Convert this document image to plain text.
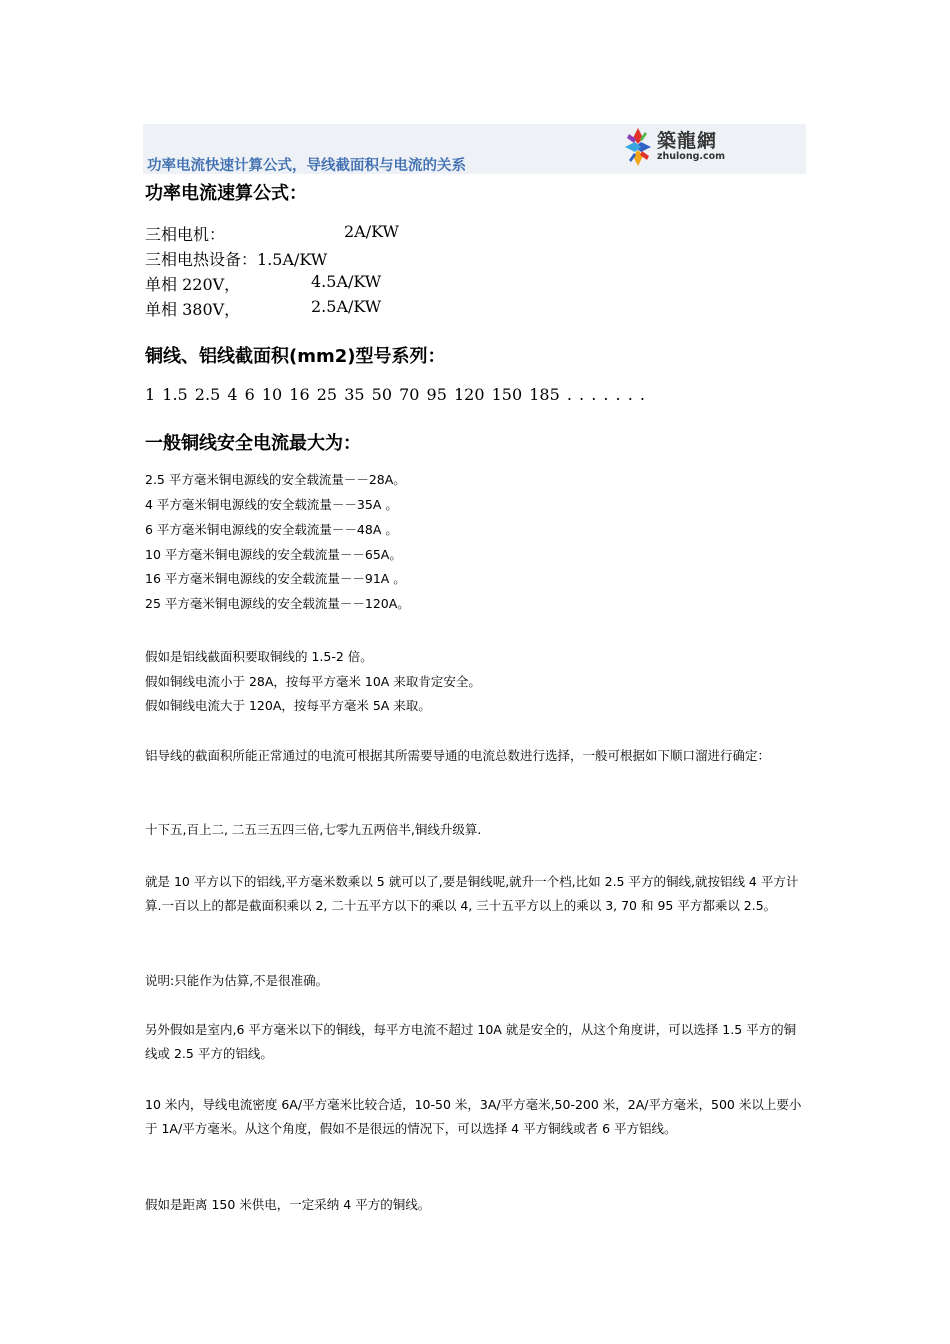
功率电流快速计算公式，导线截面积与电流的关系
築龍網
zhulong.com
功率电流速算公式：
三相电机：	2A/KW
三相电热设备：1.5A/KW
单相 220V，	4.5A/KW
单相 380V，	2.5A/KW
铜线、铝线截面积(mm2)型号系列：
1 1.5 2.5 4 6 10 16 25 35 50 70 95 120 150 185 . . . . . . .
一般铜线安全电流最大为：
2.5 平方毫米铜电源线的安全载流量－－28A。
4 平方毫米铜电源线的安全载流量－－35A 。
6 平方毫米铜电源线的安全载流量－－48A 。
10 平方毫米铜电源线的安全载流量－－65A。
16 平方毫米铜电源线的安全载流量－－91A 。
25 平方毫米铜电源线的安全载流量－－120A。
假如是铝线截面积要取铜线的 1.5-2 倍。
假如铜线电流小于 28A，按每平方毫米 10A 来取肯定安全。
假如铜线电流大于 120A，按每平方毫米 5A 来取。
铝导线的截面积所能正常通过的电流可根据其所需要导通的电流总数进行选择，一般可根据如下顺口溜进行确定：
十下五,百上二, 二五三五四三倍,七零九五两倍半,铜线升级算.
就是 10 平方以下的铝线,平方毫米数乘以 5 就可以了,要是铜线呢,就升一个档,比如 2.5 平方的铜线,就按铝线 4 平方计算.一百以上的都是截面积乘以 2, 二十五平方以下的乘以 4, 三十五平方以上的乘以 3, 70 和 95 平方都乘以 2.5。
说明:只能作为估算,不是很准确。
另外假如是室内,6 平方毫米以下的铜线，每平方电流不超过 10A 就是安全的，从这个角度讲，可以选择 1.5 平方的铜线或 2.5 平方的铝线。
10 米内，导线电流密度 6A/平方毫米比较合适，10-50 米，3A/平方毫米,50-200 米，2A/平方毫米，500 米以上要小于 1A/平方毫米。从这个角度，假如不是很远的情况下，可以选择 4 平方铜线或者 6 平方铝线。
假如是距离 150 米供电，一定采纳 4 平方的铜线。
